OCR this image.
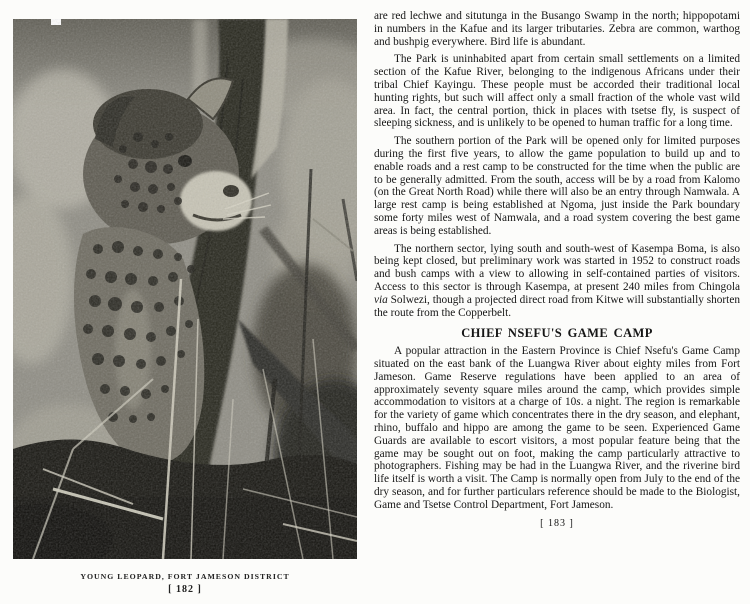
YOUNG LEOPARD, FORT JAMESON DISTRICT
[ 182 ]

are red lechwe and situtunga in the Busango Swamp in the north; hippopotami in numbers in the Kafue and its larger tributaries. Zebra are common, warthog and bushpig everywhere. Bird life is abundant.

The Park is uninhabited apart from certain small settlements on a limited section of the Kafue River, belonging to the indigenous Africans under their tribal Chief Kayingu. These people must be accorded their traditional local hunting rights, but such will affect only a small fraction of the whole vast wild area. In fact, the central portion, thick in places with tsetse fly, is suspect of sleeping sickness, and is unlikely to be opened to human traffic for a long time.

The southern portion of the Park will be opened only for limited purposes during the first five years, to allow the game population to build up and to enable roads and a rest camp to be constructed for the time when the public are to be generally admitted. From the south, access will be by a road from Kalomo (on the Great North Road) while there will also be an entry through Namwala. A large rest camp is being established at Ngoma, just inside the Park boundary some forty miles west of Namwala, and a road system covering the best game areas is being established.

The northern sector, lying south and south-west of Kasempa Boma, is also being kept closed, but preliminary work was started in 1952 to construct roads and bush camps with a view to allowing in self-contained parties of visitors. Access to this sector is through Kasempa, at present 240 miles from Chingola via Solwezi, though a projected direct road from Kitwe will substantially shorten the route from the Copperbelt.

CHIEF NSEFU'S GAME CAMP

A popular attraction in the Eastern Province is Chief Nsefu's Game Camp situated on the east bank of the Luangwa River about eighty miles from Fort Jameson. Game Reserve regulations have been applied to an area of approximately seventy square miles around the camp, which provides simple accommodation to visitors at a charge of 10s. a night. The region is remarkable for the variety of game which concentrates there in the dry season, and elephant, rhino, buffalo and hippo are among the game to be seen. Experienced Game Guards are available to escort visitors, a most popular feature being that the game may be sought out on foot, making the camp particularly attractive to photographers. Fishing may be had in the Luangwa River, and the riverine bird life itself is worth a visit. The Camp is normally open from July to the end of the dry season, and for further particulars reference should be made to the Biologist, Game and Tsetse Control Department, Fort Jameson.

[ 183 ]
